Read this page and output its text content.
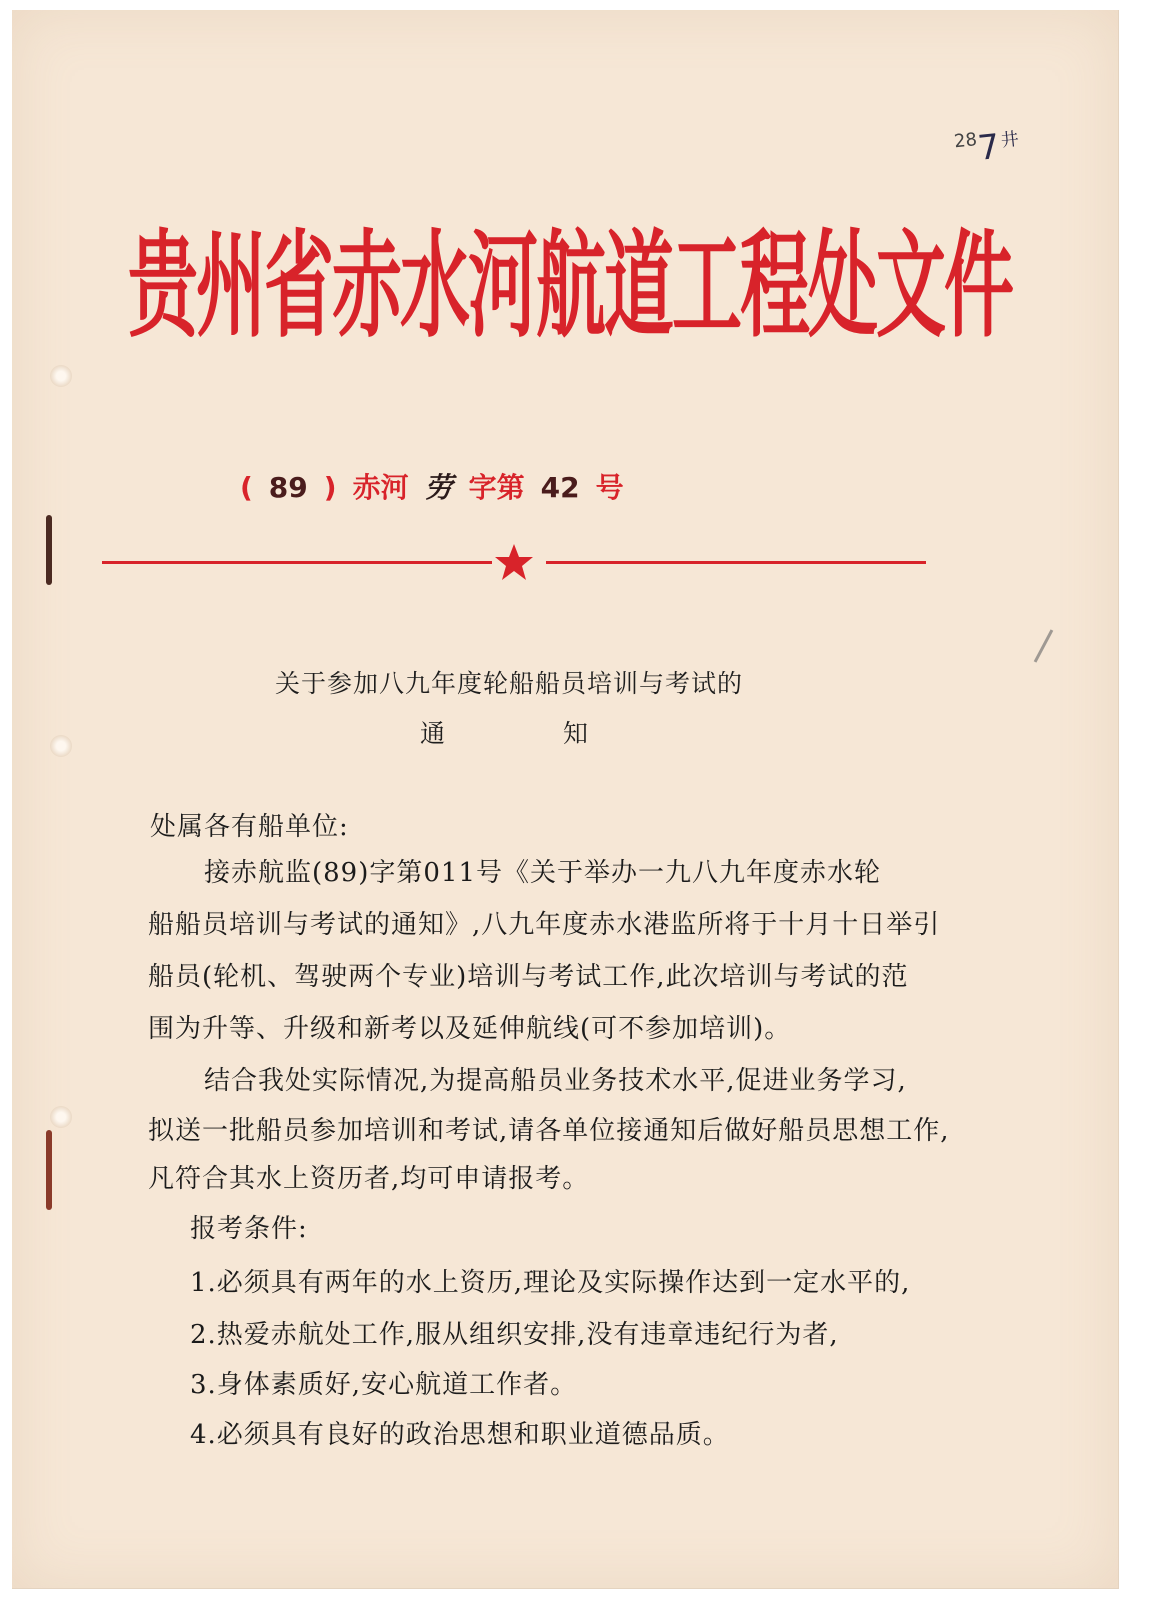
$^{28}7^井$
贵州省赤水河航道工程处文件
( 89 ) 赤河 劳 字第 42 号
关于参加八九年度轮船船员培训与考试的
通	知
处属各有船单位:
接赤航监(89)字第011号《关于举办一九八九年度赤水轮
船船员培训与考试的通知》,八九年度赤水港监所将于十月十日举引
船员(轮机、驾驶两个专业)培训与考试工作,此次培训与考试的范
围为升等、升级和新考以及延伸航线(可不参加培训)。
结合我处实际情况,为提高船员业务技术水平,促进业务学习,
拟送一批船员参加培训和考试,请各单位接通知后做好船员思想工作,
凡符合其水上资历者,均可申请报考。
报考条件:
1.必须具有两年的水上资历,理论及实际操作达到一定水平的,
2.热爱赤航处工作,服从组织安排,没有违章违纪行为者,
3.身体素质好,安心航道工作者。
4.必须具有良好的政治思想和职业道德品质。
